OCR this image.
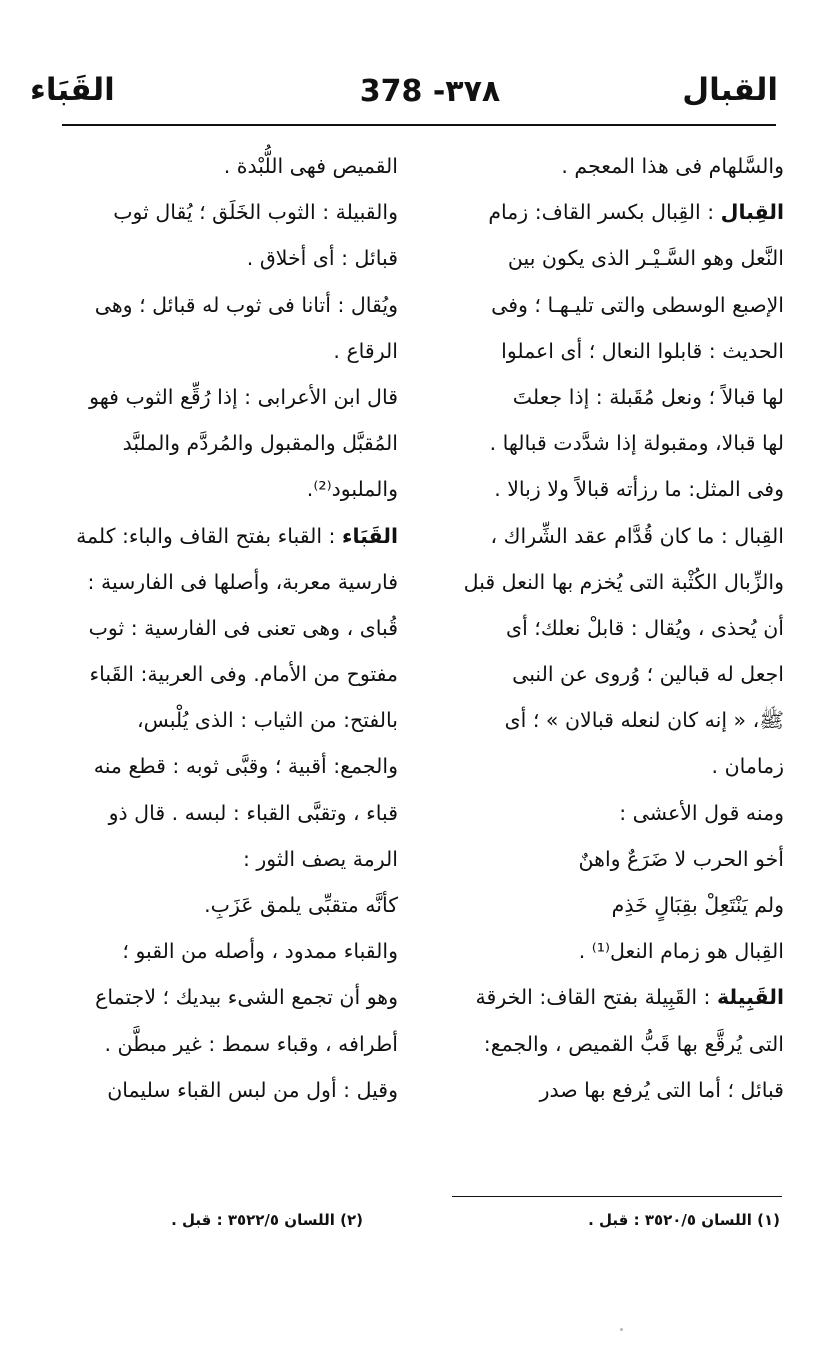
القبال
378 -٣٧٨
القَبَاء

والسَّلهام فى هذا المعجم .

القِبال : القِبال بكسر القاف: زمام

النَّعل وهو السَّـيْـر الذى يكون بين

الإصبع الوسطى والتى تليـهـا ؛ وفى

الحديث : قابلوا النعال ؛ أى اعملوا

لها قبالاً ؛ ونعل مُقَبلة : إذا جعلتَ

لها قبالا، ومقبولة إذا شدَّدت قبالها .

وفى المثل: ما رزأته قبالاً ولا زبالا .

القِبال : ما كان قُدَّام عقد الشِّراك ،

والزِّبال الكُثْبة التى يُخزم بها النعل قبل

أن يُحذى ، ويُقال : قابلْ نعلك؛ أى

اجعل له قبالين ؛ وُروى عن النبى

ﷺ، « إنه كان لنعله قبالان » ؛ أى

زمامان .

ومنه قول الأعشى :

أخو الحرب لا ضَرَعٌ واهنٌ

ولم يَنْتَعِلْ بقِبَالٍ خَذِم

القِبال هو زمام النعل⁽¹⁾ .

القَبِيلة : القَبِيلة بفتح القاف: الخرقة

التى يُرقَّع بها قَبُّ القميص ، والجمع:

قبائل ؛ أما التى يُرفع بها صدر

القميص فهى اللُّبْدة .

والقبيلة : الثوب الخَلَق ؛ يُقال ثوب

قبائل : أى أخلاق .

ويُقال : أتانا فى ثوب له قبائل ؛ وهى

الرقاع .

قال ابن الأعرابى : إذا رُقِّع الثوب فهو

المُقبَّل والمقبول والمُردَّم والملبَّد

والملبود⁽²⁾.

القَبَاء : القباء بفتح القاف والباء: كلمة

فارسية معربة، وأصلها فى الفارسية :

قُباى ، وهى تعنى فى الفارسية : ثوب

مفتوح من الأمام. وفى العربية: القَباء

بالفتح: من الثياب : الذى يُلْبس،

والجمع: أقبية ؛ وقبَّى ثوبه : قطع منه

قباء ، وتقبَّى القباء : لبسه . قال ذو

الرمة يصف الثور :

كأنَّه متقبِّى يلمق عَزَبِ.

والقباء ممدود ، وأصله من القبو ؛

وهو أن تجمع الشىء بيديك ؛ لاجتماع

أطرافه ، وقباء سمط : غير مبطَّن .

وقيل : أول من لبس القباء سليمان

(١) اللسان ٣٥٢٠/٥ : قبل .
(٢) اللسان ٣٥٢٢/٥ : قبل .
